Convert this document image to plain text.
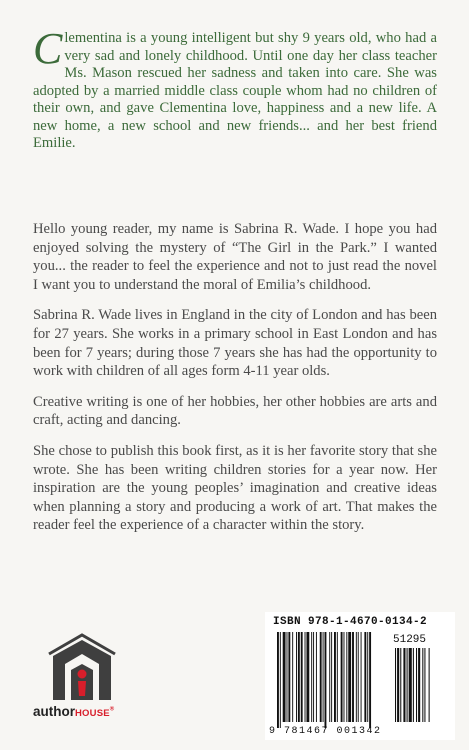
Clementina is a young intelligent but shy 9 years old, who had a very sad and lonely childhood. Until one day her class teacher Ms. Mason rescued her sadness and taken into care. She was adopted by a married middle class couple whom had no children of their own, and gave Clementina love, happiness and a new life. A new home, a new school and new friends... and her best friend Emilie.

Hello young reader, my name is Sabrina R. Wade. I hope you had enjoyed solving the mystery of “The Girl in the Park.” I wanted you... the reader to feel the experience and not to just read the novel I want you to understand the moral of Emilia’s childhood.

Sabrina R. Wade lives in England in the city of London and has been for 27 years. She works in a primary school in East London and has been for 7 years; during those 7 years she has had the opportunity to work with children of all ages form 4-11 year olds.

Creative writing is one of her hobbies, her other hobbies are arts and craft, acting and dancing.

She chose to publish this book first, as it is her favorite story that she wrote. She has been writing children stories for a year now. Her inspiration are the young peoples’ imagination and creative ideas when planning a story and producing a work of art. That makes the reader feel the experience of a character within the story.

authorHOUSE®
ISBN 978-1-4670-0134-2
51295
9 781467 001342
